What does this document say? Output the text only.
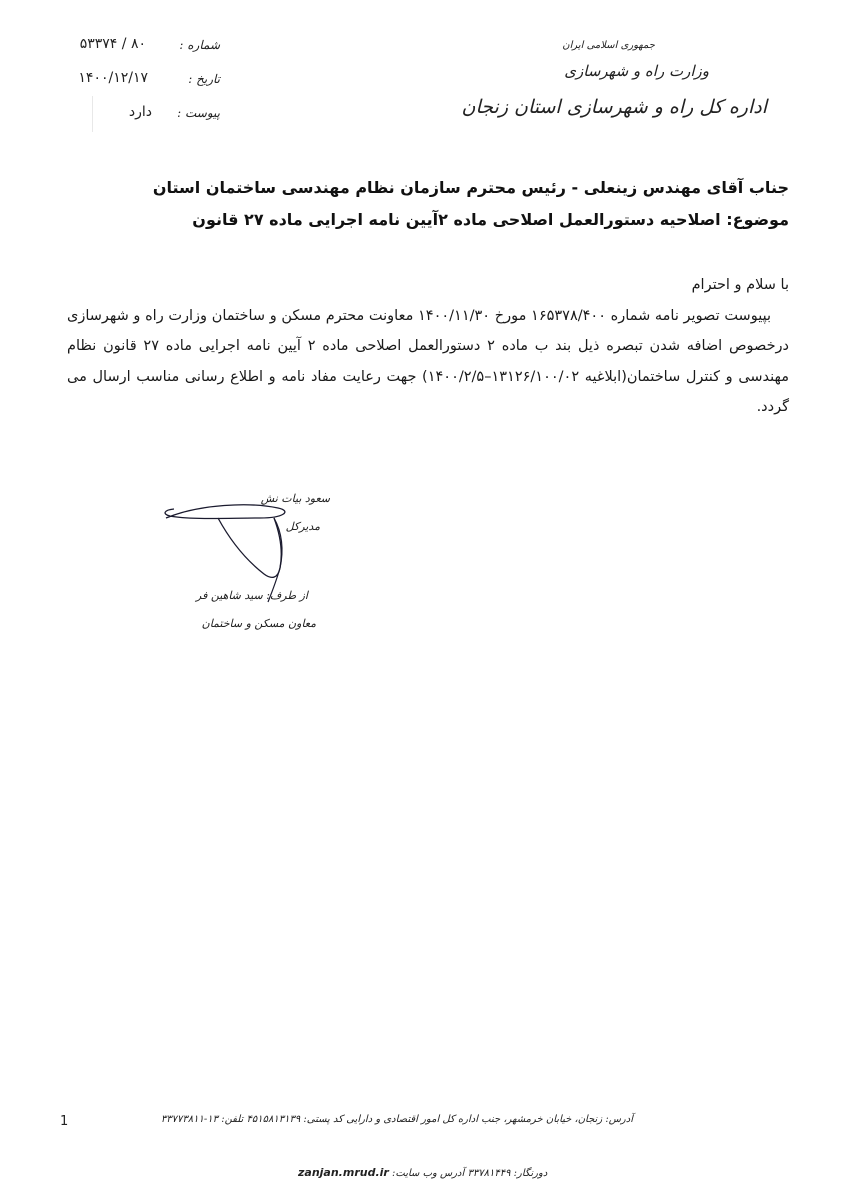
شماره :
۸۰ / ۵۳۳۷۴
تاریخ :
۱۴۰۰/۱۲/۱۷
پیوست :
دارد
جمهوری اسلامی ایران
وزارت راه و شهرسازی
اداره کل راه و شهرسازی استان زنجان
جناب آقای مهندس زینعلی - رئیس محترم سازمان نظام مهندسی ساختمان استان
موضوع: اصلاحیه دستورالعمل اصلاحی ماده ۲آیین نامه اجرایی ماده ۲۷ قانون

با سلام و احترام

بپیوست تصویر نامه شماره ۱۶۵۳۷۸/۴۰۰ مورخ ۱۴۰۰/۱۱/۳۰ معاونت محترم مسکن و ساختمان وزارت راه و شهرسازی درخصوص اضافه شدن تبصره ذیل بند ب ماده ۲ دستورالعمل اصلاحی ماده ۲ آیین نامه اجرایی ماده ۲۷ قانون نظام مهندسی و کنترل ساختمان(ابلاغیه ۱۳۱۲۶/۱۰۰/۰۲–۱۴۰۰/۲/۵) جهت رعایت مفاد نامه و اطلاع رسانی مناسب ارسال می گردد.

سعود بیات نش
مدیرکل
از طرف: سید شاهین فر
معاون مسکن و ساختمان
1	آدرس: زنجان، خیابان خرمشهر، جنب اداره کل امور اقتصادی و دارایی کد پستی: ۴۵۱۵۸۱۳۱۳۹ تلفن: ۱۳-۳۳۷۷۳۸۱۱
دورنگار: ۳۳۷۸۱۴۴۹ آدرس وب سایت: zanjan.mrud.ir
